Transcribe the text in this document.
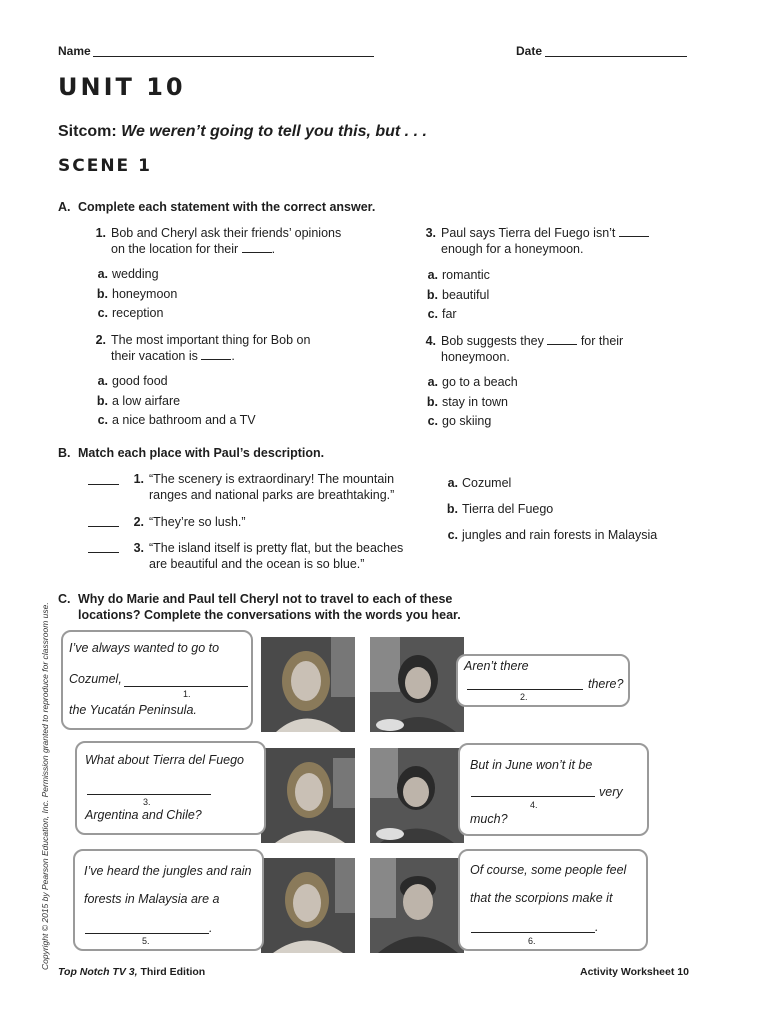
Name	Date
UNIT 10
Sitcom: We weren’t going to tell you this, but . . .
SCENE 1
A. Complete each statement with the correct answer.
1. Bob and Cheryl ask their friends’ opinions
on the location for their	.
a. wedding
b. honeymoon
c. reception
2. The most important thing for Bob on
their vacation is	.
a. good food
b. a low airfare
c. a nice bathroom and a TV
3. Paul says Tierra del Fuego isn’t
enough for a honeymoon.
a. romantic
b. beautiful
c. far
4. Bob suggests they	for their
honeymoon.
a. go to a beach
b. stay in town
c. go skiing
B. Match each place with Paul’s description.
1. “The scenery is extraordinary! The mountain
ranges and national parks are breathtaking.”
2. “They’re so lush.”
3. “The island itself is pretty flat, but the beaches
are beautiful and the ocean is so blue.”
a. Cozumel
b. Tierra del Fuego
c. jungles and rain forests in Malaysia
C. Why do Marie and Paul tell Cheryl not to travel to each of these
locations? Complete the conversations with the words you hear.
I’ve always wanted to go to
Cozumel,
1.
the Yucatán Peninsula.
Aren’t there
there?
2.
What about Tierra del Fuego
3.
Argentina and Chile?
But in June won’t it be
very
4.
much?
I’ve heard the jungles and rain
forests in Malaysia are a
.
5.
Of course, some people feel
that the scorpions make it
.
6.
Copyright © 2015 by Pearson Education, Inc. Permission granted to reproduce for classroom use.
Top Notch TV 3, Third Edition	Activity Worksheet 10
